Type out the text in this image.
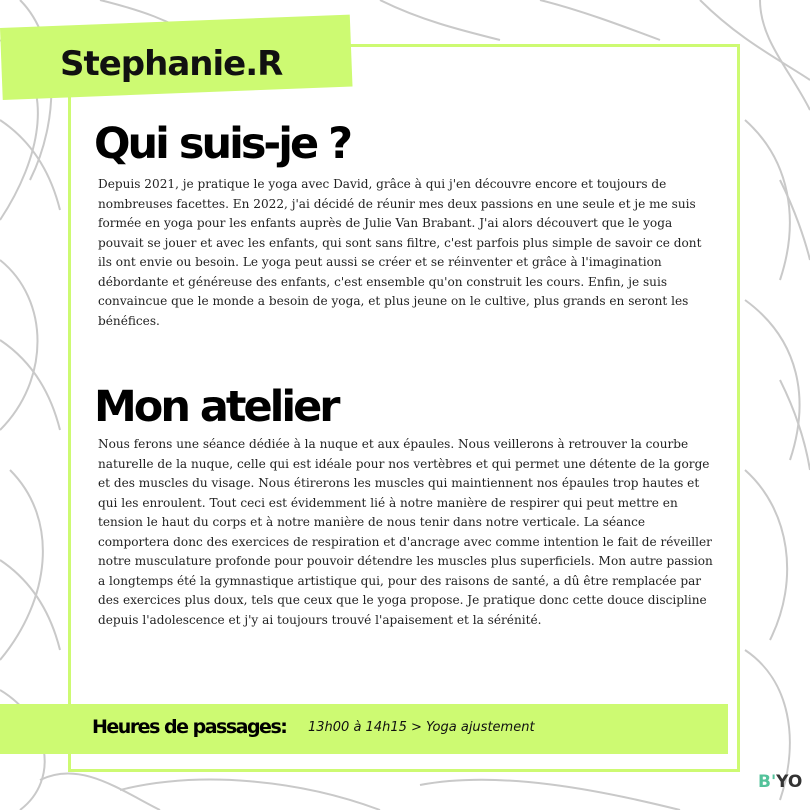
Stephanie.R
Qui suis-je ?

Depuis 2021, je pratique le yoga avec David, grâce à qui j'en découvre encore et toujours de nombreuses facettes. En 2022, j'ai décidé de réunir mes deux passions en une seule et je me suis formée en yoga pour les enfants auprès de Julie Van Brabant. J'ai alors découvert que le yoga pouvait se jouer et avec les enfants, qui sont sans filtre, c'est parfois plus simple de savoir ce dont ils ont envie ou besoin. Le yoga peut aussi se créer et se réinventer et grâce à l'imagination débordante et généreuse des enfants, c'est ensemble qu'on construit les cours. Enfin, je suis convaincue que le monde a besoin de yoga, et plus jeune on le cultive, plus grands en seront les bénéfices.

Mon atelier

Nous ferons une séance dédiée à la nuque et aux épaules. Nous veillerons à retrouver la courbe naturelle de la nuque, celle qui est idéale pour nos vertèbres et qui permet une détente de la gorge et des muscles du visage. Nous étirerons les muscles qui maintiennent nos épaules trop hautes et qui les enroulent. Tout ceci est évidemment lié à notre manière de respirer qui peut mettre en tension le haut du corps et à notre manière de nous tenir dans notre verticale. La séance comportera donc des exercices de respiration et d'ancrage avec comme intention le fait de réveiller notre musculature profonde pour pouvoir détendre les muscles plus superficiels. Mon autre passion a longtemps été la gymnastique artistique qui, pour des raisons de santé, a dû être remplacée par des exercices plus doux, tels que ceux que le yoga propose. Je pratique donc cette douce discipline depuis l'adolescence et j'y ai toujours trouvé l'apaisement et la sérénité.

Heures de passages: 13h00 à 14h15 > Yoga ajustement
B'YO
